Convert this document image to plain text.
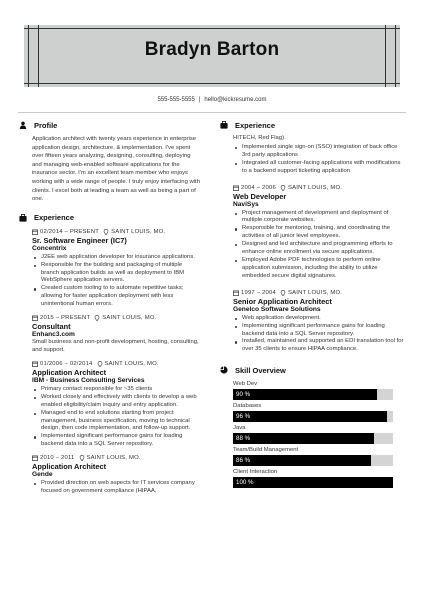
Bradyn Barton
555-555-5555 | hello@kickresume.com
Profile

Application architect with twenty years experience in enterprise application design, architecture, & implementation. I've spent over fifteen years analyzing, designing, consulting, deploying and managing web-enabled software applications for the insurance sector. I'm an excellent team member who enjoys working with a wide range of people. I truly enjoy interfacing with clients. I excel both at leading a team as well as being a part of one.

Experience
02/2014 – PRESENT SAINT LOUIS, MO.
Sr. Software Engineer (IC7)
Concentrix
J2EE web application developer for insurance applications.
Responsible for the building and packaging of multiple branch application builds as well as deployment to IBM WebSphere application servers.
Created custom tooling to to automate repetitive tasks; allowing for faster application deployment with less unintentional human errors.
2015 – PRESENT SAINT LOUIS, MO.
Consultant
Enhanc3.com
Small business and non-profit development, hosting, consulting, and support.
01/2006 – 02/2014 SAINT LOUIS, MO.
Application Architect
IBM - Business Consulting Services
Primary contact responsible for ~35 clients
Worked closely and effectively with clients to develop a web enabled eligibility/claim inquiry and entry application.
Managed end to end solutions starting from project management, business specification, moving to technical design, then code implementation, and follow-up support.
Implemented significant performance gains for loading backend data into a SQL Server repository.
2010 – 2011 SAINT LOUIS, MO.
Application Architect
Gende
Provided direction on web aspects for IT services company focused on government compliance (HIPAA,
Experience
HITECH, Red Flag).
Implemented single sign-on (SSO) integration of back office 3rd party applications
Integrated all customer-facing applications with modifications to a backend support ticketing application
2004 – 2006 SAINT LOUIS, MO.
Web Developer
NaviSys
Project management of development and deployment of multiple corporate websites.
Responsible for mentoring, training, and coordinating the activities of all junior level employees.
Designed and led architecture and programming efforts to enhance online enrollment via secure applications.
Employed Adobe PDF technologies to perform online application submission, including the ability to utilize embedded secure digital signatures.
1997 – 2004 SAINT LOUIS, MO.
Senior Application Architect
Genelco Software Solutions
Web application development.
Implementing significant performance gains for loading backend data into a SQL Server repository.
Installed, maintained and supported an EDI translation tool for over 35 clients to ensure HIPAA compliance.
Skill Overview
Web Dev
90 %
Databases
96 %
Java
88 %
Team/Build Management
86 %
Client Interaction
100 %
